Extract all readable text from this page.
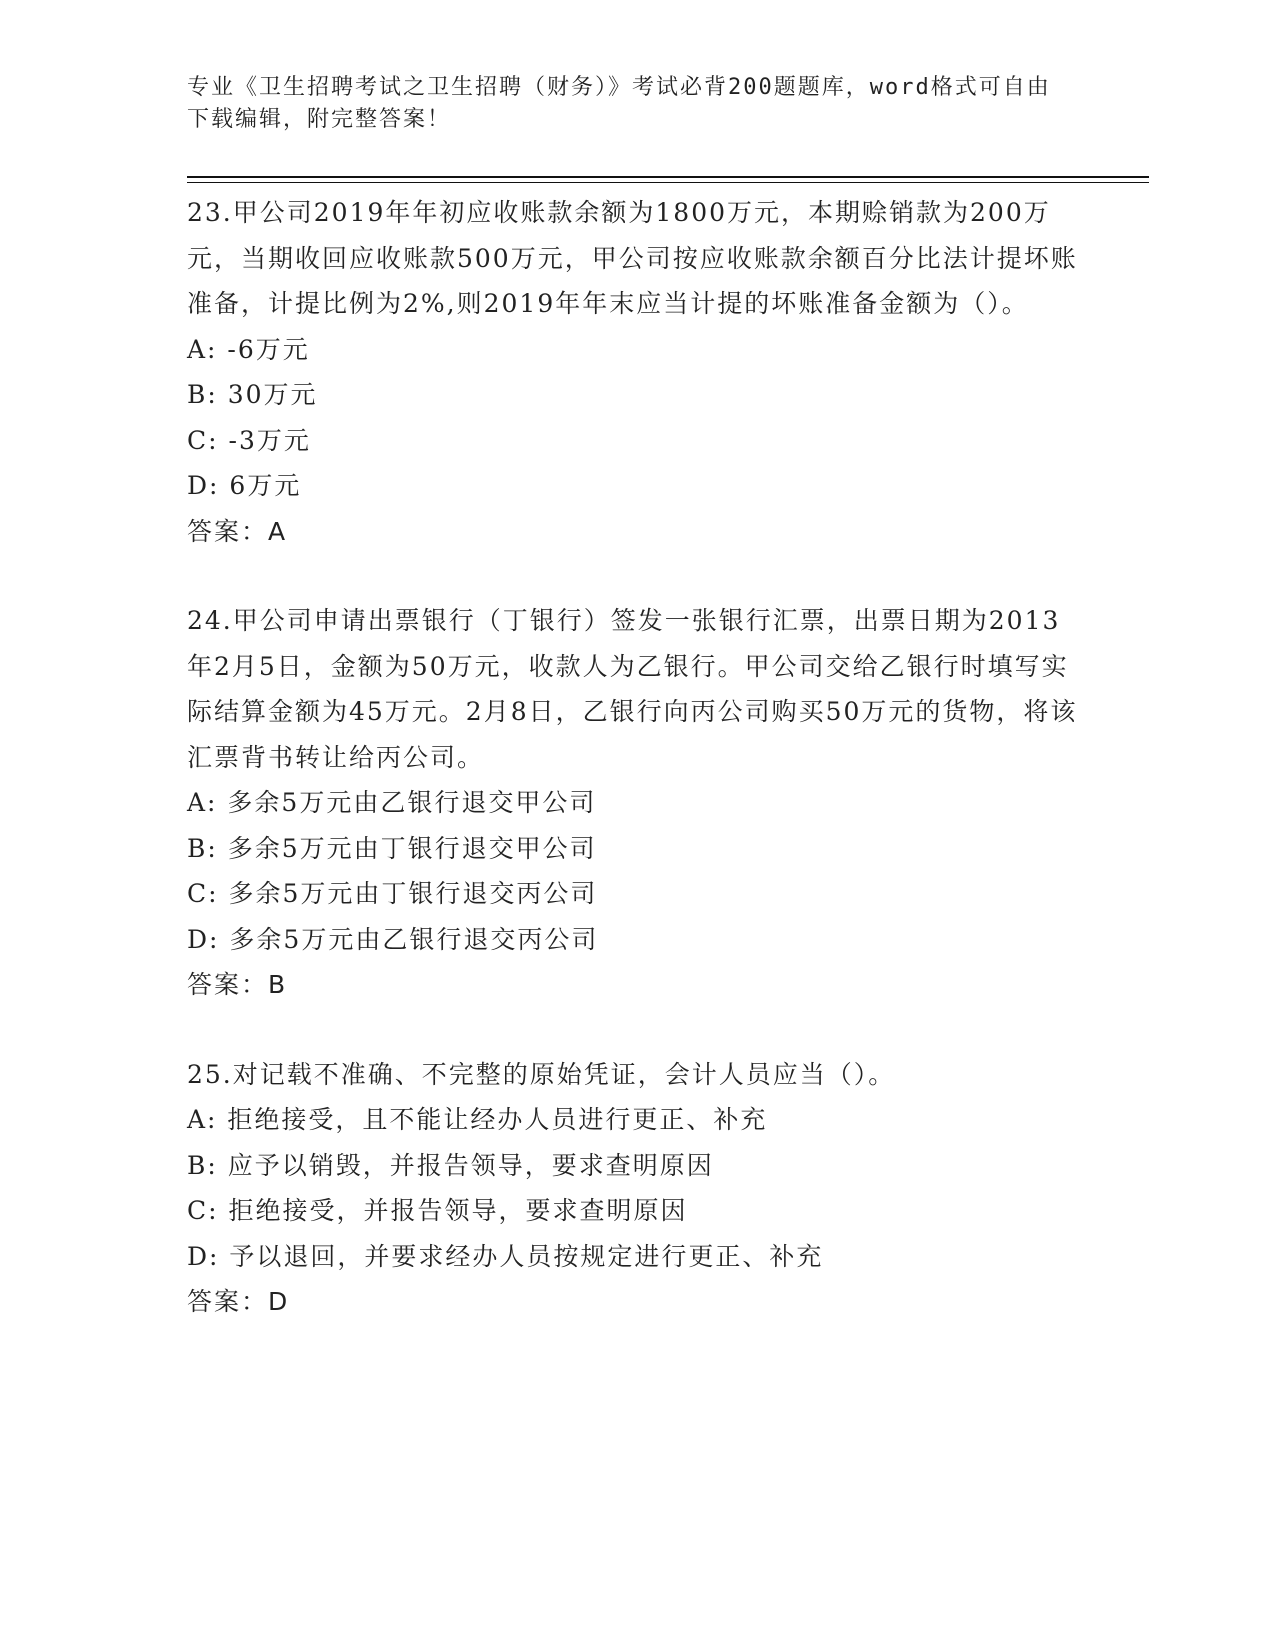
专业《卫生招聘考试之卫生招聘（财务）》考试必背200题题库，word格式可自由下载编辑，附完整答案！

23.甲公司2019年年初应收账款余额为1800万元，本期赊销款为200万元，当期收回应收账款500万元，甲公司按应收账款余额百分比法计提坏账准备，计提比例为2%,则2019年年末应当计提的坏账准备金额为（）。

A: -6万元

B: 30万元

C: -3万元

D: 6万元

答案：A

24.甲公司申请出票银行（丁银行）签发一张银行汇票，出票日期为2013年2月5日，金额为50万元，收款人为乙银行。甲公司交给乙银行时填写实际结算金额为45万元。2月8日，乙银行向丙公司购买50万元的货物，将该汇票背书转让给丙公司。

A: 多余5万元由乙银行退交甲公司

B: 多余5万元由丁银行退交甲公司

C: 多余5万元由丁银行退交丙公司

D: 多余5万元由乙银行退交丙公司

答案：B

25.对记载不准确、不完整的原始凭证，会计人员应当（）。

A: 拒绝接受，且不能让经办人员进行更正、补充

B: 应予以销毁，并报告领导，要求查明原因

C: 拒绝接受，并报告领导，要求查明原因

D: 予以退回，并要求经办人员按规定进行更正、补充

答案：D
